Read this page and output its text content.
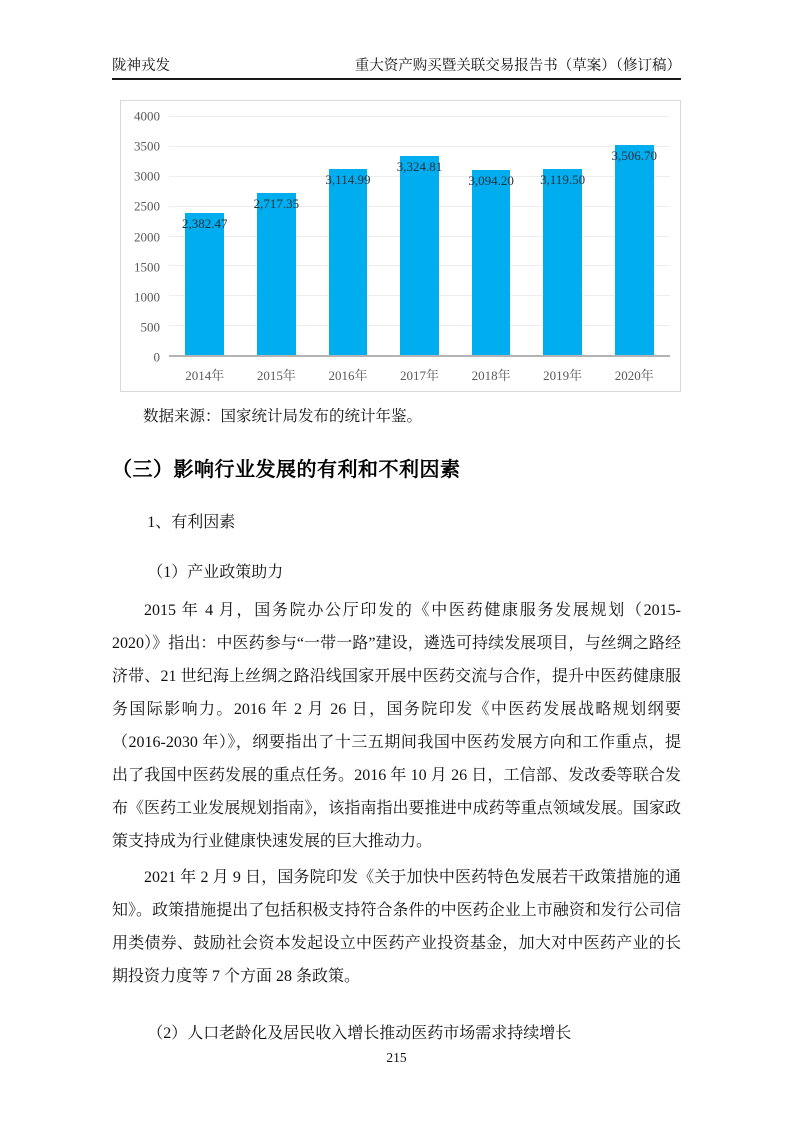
陇神戎发	重大资产购买暨关联交易报告书（草案）（修订稿）
0
500
1000
1500
2000
2500
3000
3500
4000
2,382.47
2,717.35
3,114.99
3,324.81
3,094.20 3,119.50
3,506.70
2014年	2015年	2016年	2017年	2018年	2019年	2020年

数据来源：国家统计局发布的统计年鉴。

（三）影响行业发展的有利和不利因素

1、有利因素

（1）产业政策助力

2015 年 4 月，国务院办公厅印发的《中医药健康服务发展规划（2015-2020）》指出：中医药参与“一带一路”建设，遴选可持续发展项目，与丝绸之路经济带、21 世纪海上丝绸之路沿线国家开展中医药交流与合作，提升中医药健康服务国际影响力。2016 年 2 月 26 日，国务院印发《中医药发展战略规划纲要（2016-2030 年）》，纲要指出了十三五期间我国中医药发展方向和工作重点，提出了我国中医药发展的重点任务。2016 年 10 月 26 日，工信部、发改委等联合发布《医药工业发展规划指南》，该指南指出要推进中成药等重点领域发展。国家政策支持成为行业健康快速发展的巨大推动力。

2021 年 2 月 9 日，国务院印发《关于加快中医药特色发展若干政策措施的通知》。政策措施提出了包括积极支持符合条件的中医药企业上市融资和发行公司信用类债券、鼓励社会资本发起设立中医药产业投资基金，加大对中医药产业的长期投资力度等 7 个方面 28 条政策。

（2）人口老龄化及居民收入增长推动医药市场需求持续增长

215
